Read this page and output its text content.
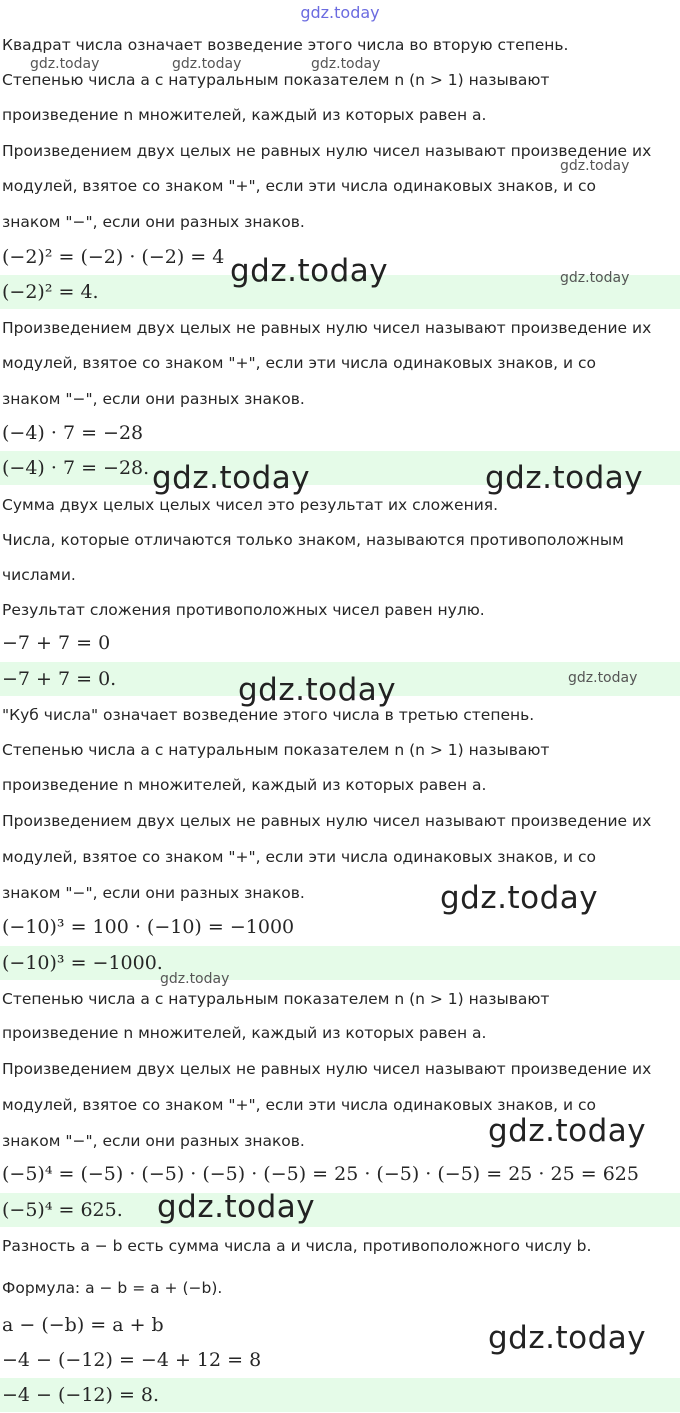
gdz.today
Квадрат числа означает возведение этого числа во вторую степень.
Степенью числа a с натуральным показателем n (n > 1) называют
произведение n множителей, каждый из которых равен a.
Произведением двух целых не равных нулю чисел называют произведение их
модулей, взятое со знаком "+", если эти числа одинаковых знаков, и со
знаком "−", если они разных знаков.
(−2)² = (−2) · (−2) = 4
(−2)² = 4.
Произведением двух целых не равных нулю чисел называют произведение их
модулей, взятое со знаком "+", если эти числа одинаковых знаков, и со
знаком "−", если они разных знаков.
(−4) · 7 = −28
(−4) · 7 = −28.
Сумма двух целых целых чисел это результат их сложения.
Числа, которые отличаются только знаком, называются противоположным
числами.
Результат сложения противоположных чисел равен нулю.
−7 + 7 = 0
−7 + 7 = 0.
"Куб числа" означает возведение этого числа в третью степень.
Степенью числа a с натуральным показателем n (n > 1) называют
произведение n множителей, каждый из которых равен a.
Произведением двух целых не равных нулю чисел называют произведение их
модулей, взятое со знаком "+", если эти числа одинаковых знаков, и со
знаком "−", если они разных знаков.
(−10)³ = 100 · (−10) = −1000
(−10)³ = −1000.
Степенью числа a с натуральным показателем n (n > 1) называют
произведение n множителей, каждый из которых равен a.
Произведением двух целых не равных нулю чисел называют произведение их
модулей, взятое со знаком "+", если эти числа одинаковых знаков, и со
знаком "−", если они разных знаков.
(−5)⁴ = (−5) · (−5) · (−5) · (−5) = 25 · (−5) · (−5) = 25 · 25 = 625
(−5)⁴ = 625.
Разность a − b есть сумма числа a и числа, противоположного числу b.
Формула: a − b = a + (−b).
a − (−b) = a + b
−4 − (−12) = −4 + 12 = 8
−4 − (−12) = 8.
gdz.today	gdz.today	gdz.today
gdz.today
gdz.today	gdz.today
gdz.today	gdz.today
gdz.today
gdz.today
gdz.today
gdz.today
gdz.today
gdz.today
gdz.today
